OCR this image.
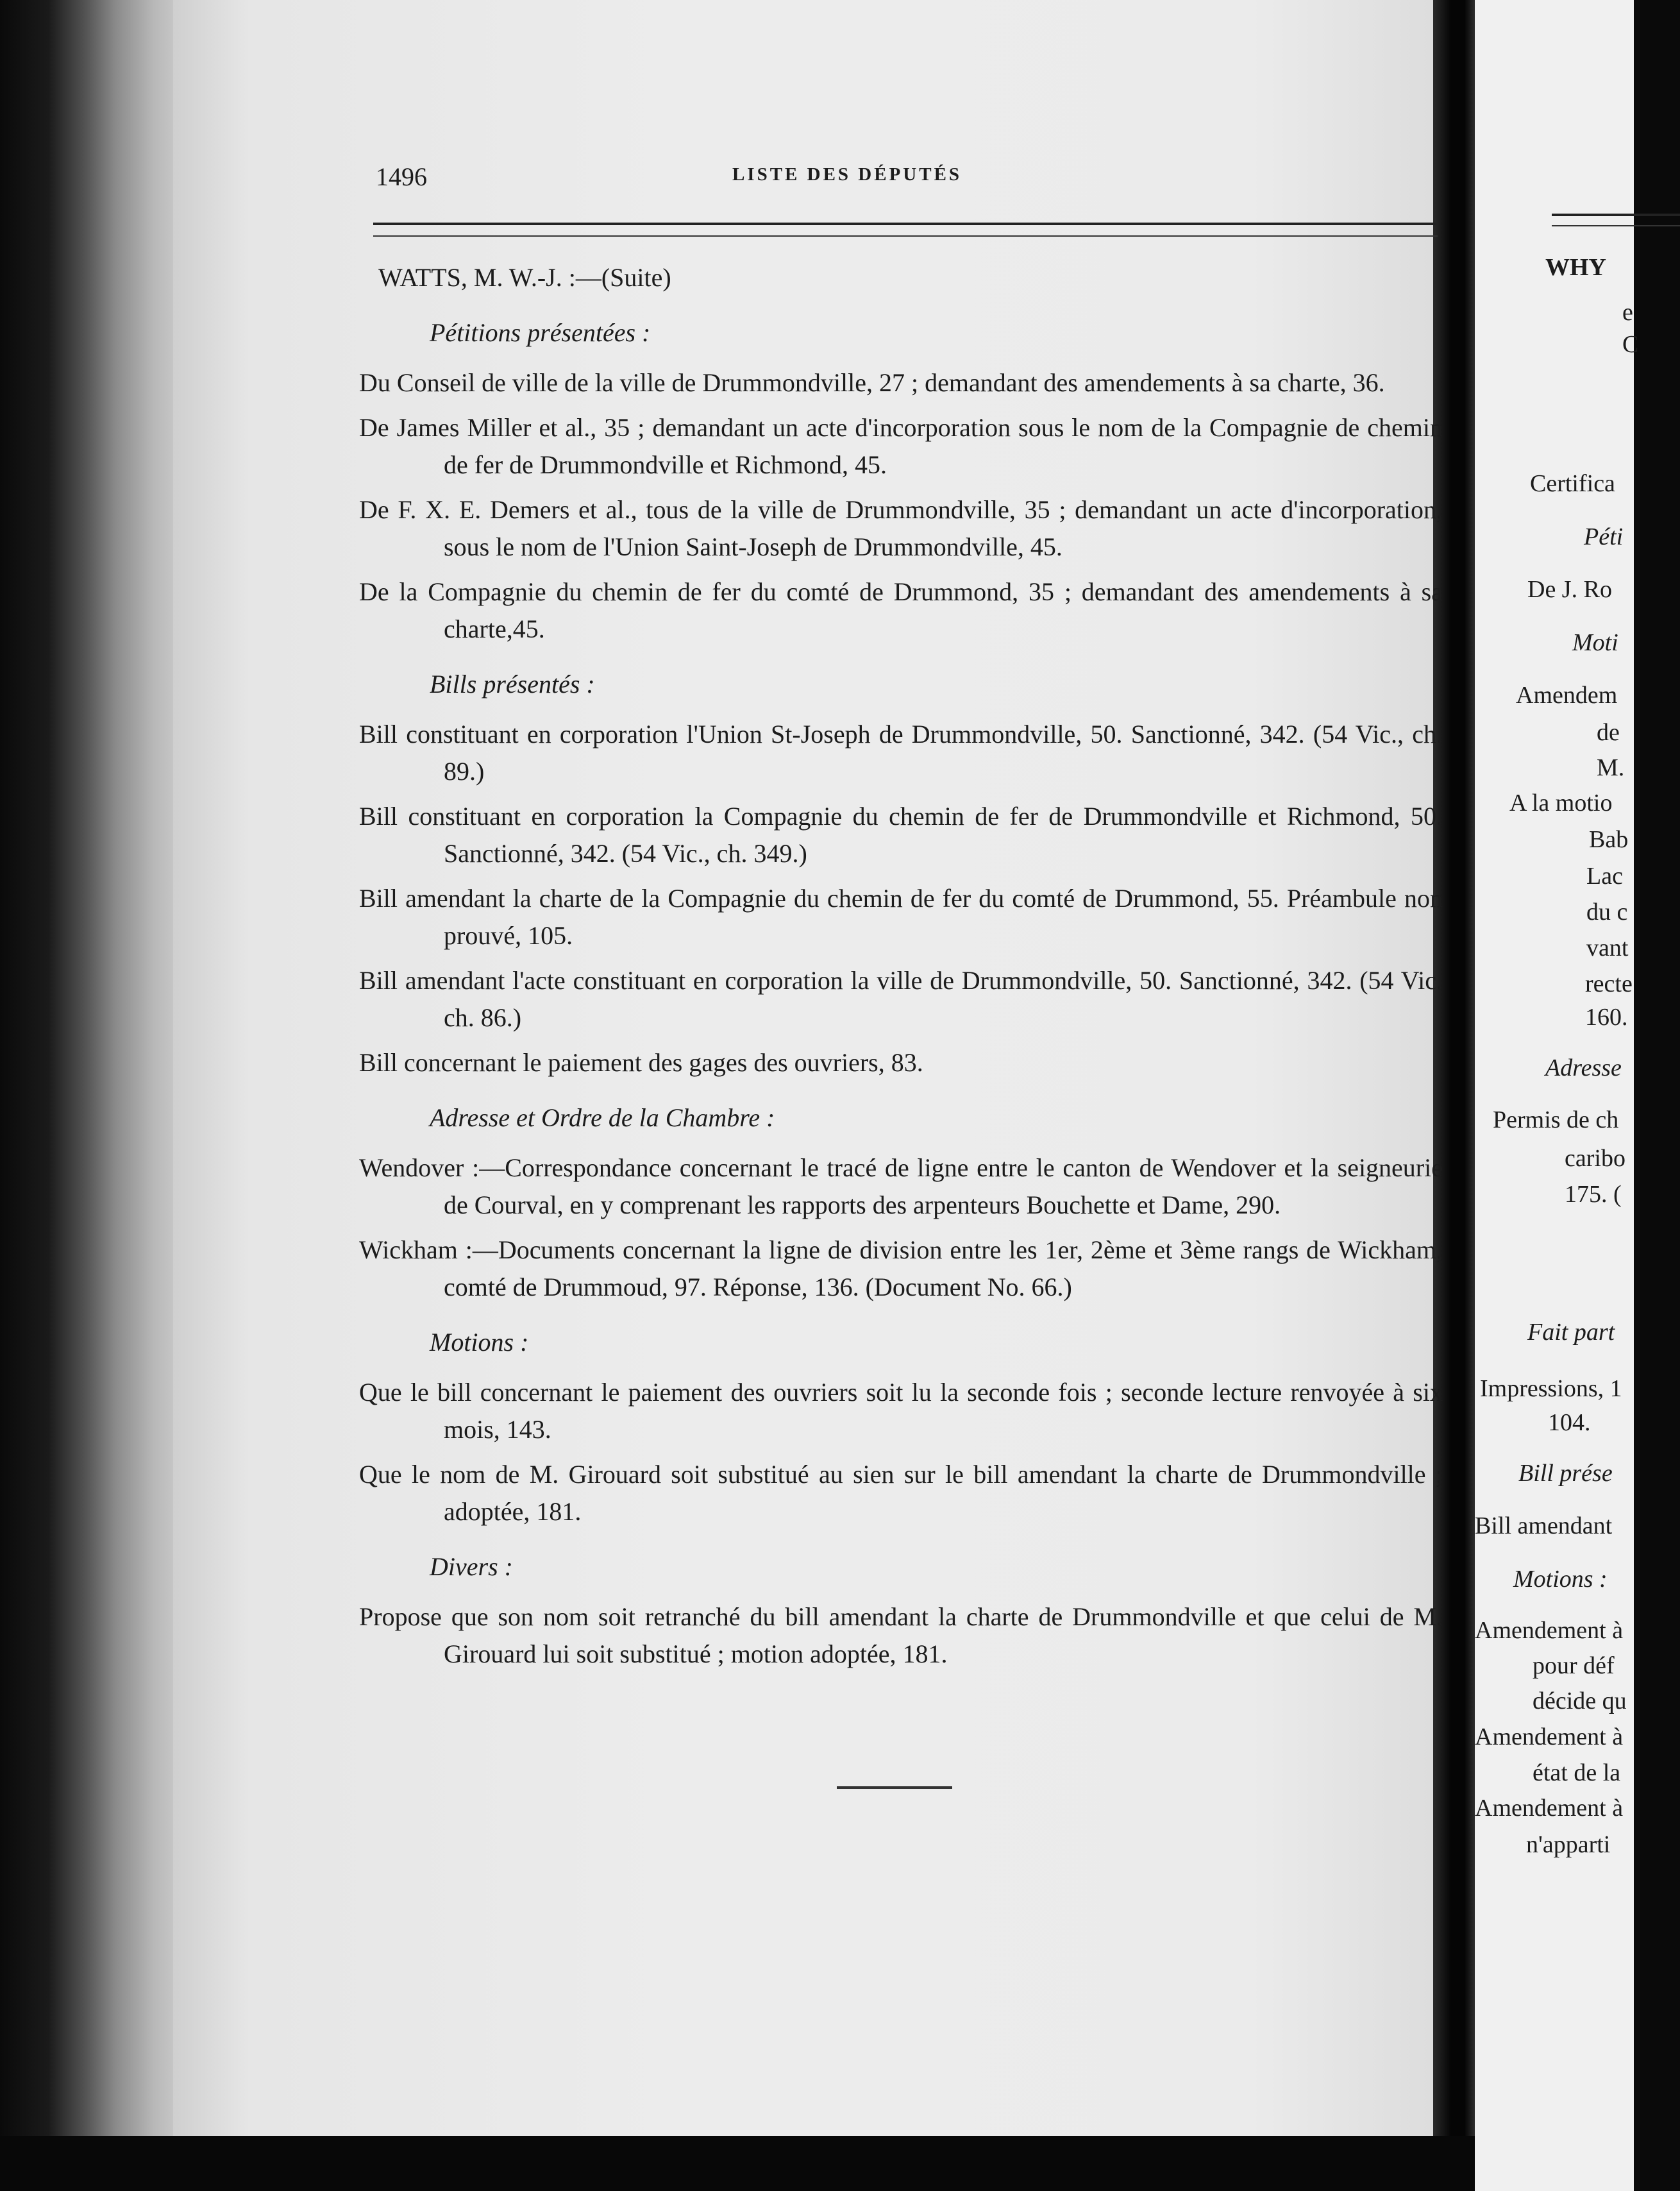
1496	LISTE DES DÉPUTÉS

WATTS, M. W.-J. :—(Suite)

Pétitions présentées :

Du Conseil de ville de la ville de Drummondville, 27 ; demandant des amendements à sa charte, 36.

De James Miller et al., 35 ; demandant un acte d'incorporation sous le nom de la Compagnie de chemin de fer de Drummondville et Richmond, 45.

De F. X. E. Demers et al., tous de la ville de Drummondville, 35 ; demandant un acte d'incorporation, sous le nom de l'Union Saint-Joseph de Drummondville, 45.

De la Compagnie du chemin de fer du comté de Drummond, 35 ; demandant des amendements à sa charte,45.

Bills présentés :

Bill constituant en corporation l'Union St-Joseph de Drummondville, 50. Sanctionné, 342. (54 Vic., ch. 89.)

Bill constituant en corporation la Compagnie du chemin de fer de Drummondville et Richmond, 50. Sanctionné, 342. (54 Vic., ch. 349.)

Bill amendant la charte de la Compagnie du chemin de fer du comté de Drummond, 55. Préambule non prouvé, 105.

Bill amendant l'acte constituant en corporation la ville de Drummondville, 50. Sanctionné, 342. (54 Vic. ch. 86.)

Bill concernant le paiement des gages des ouvriers, 83.

Adresse et Ordre de la Chambre :

Wendover :—Correspondance concernant le tracé de ligne entre le canton de Wendover et la seigneurie de Courval, en y comprenant les rapports des arpenteurs Bouchette et Dame, 290.

Wickham :—Documents concernant la ligne de division entre les 1er, 2ème et 3ème rangs de Wickham, comté de Drummoud, 97. Réponse, 136. (Document No. 66.)

Motions :

Que le bill concernant le paiement des ouvriers soit lu la seconde fois ; seconde lecture renvoyée à six mois, 143.

Que le nom de M. Girouard soit substitué au sien sur le bill amendant la charte de Drummondville ; adoptée, 181.

Divers :

Propose que son nom soit retranché du bill amendant la charte de Drummondville et que celui de M. Girouard lui soit substitué ; motion adoptée, 181.

WHY
e
C
Certifica
Péti
De J. Ro
Moti
Amendem
de
M.
A la motio
Bab
Lac
du c
vant
recte
160.
Adresse
Permis de ch
caribo
175. (
Fait part
Impressions, 1
104.
Bill prése
Bill amendant
Motions :
Amendement à
pour déf
décide qu
Amendement à
état de la
Amendement à
n'apparti
